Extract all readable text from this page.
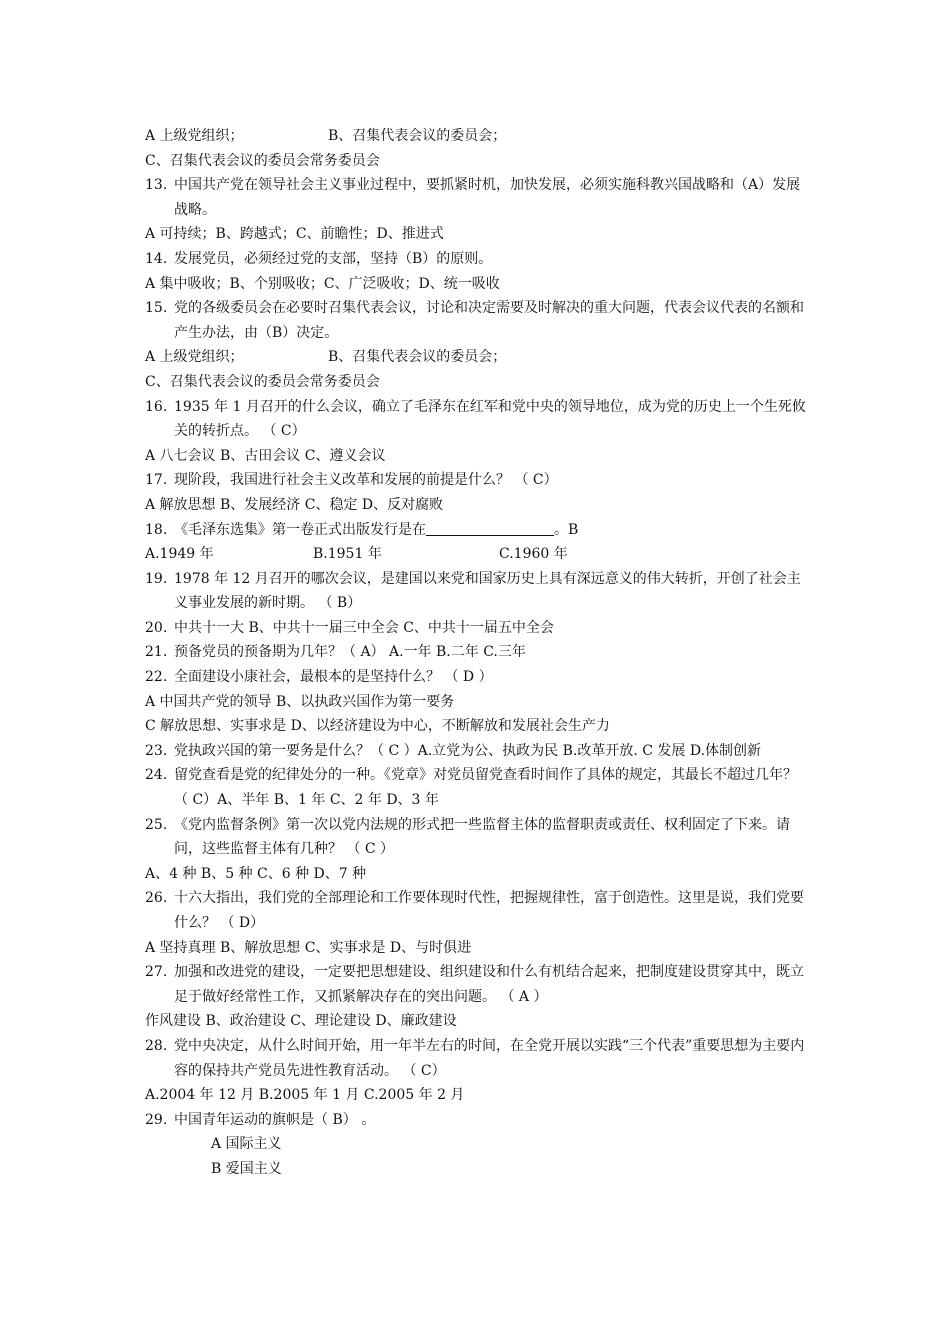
A 上级党组织；	B、召集代表会议的委员会；
C、召集代表会议的委员会常务委员会
13. 中国共产党在领导社会主义事业过程中，要抓紧时机，加快发展，必须实施科教兴国战略和（A）发展战略。
A 可持续；B、跨越式；C、前瞻性；D、推进式
14. 发展党员，必须经过党的支部，坚持（B）的原则。
A 集中吸收；B、个别吸收；C、广泛吸收；D、统一吸收
15. 党的各级委员会在必要时召集代表会议，讨论和决定需要及时解决的重大问题，代表会议代表的名额和产生办法，由（B）决定。
A 上级党组织；	B、召集代表会议的委员会；
C、召集代表会议的委员会常务委员会
16. 1935 年 1 月召开的什么会议，确立了毛泽东在红军和党中央的领导地位，成为党的历史上一个生死攸关的转折点。 （ C）
A 八七会议 B、古田会议 C、遵义会议
17. 现阶段，我国进行社会主义改革和发展的前提是什么？ （ C）
A 解放思想 B、发展经济 C、稳定 D、反对腐败
18. 《毛泽东选集》第一卷正式出版发行是在	。B
A.1949 年	B.1951 年	C.1960 年
19. 1978 年 12 月召开的哪次会议，是建国以来党和国家历史上具有深远意义的伟大转折，开创了社会主义事业发展的新时期。 （ B）
20. 中共十一大 B、中共十一届三中全会 C、中共十一届五中全会
21. 预备党员的预备期为几年？（ A） A.一年 B.二年 C.三年
22. 全面建设小康社会，最根本的是坚持什么？ （ D ）
A 中国共产党的领导 B、以执政兴国作为第一要务
C 解放思想、实事求是 D、以经济建设为中心，不断解放和发展社会生产力
23. 党执政兴国的第一要务是什么？（ C ）A.立党为公、执政为民 B.改革开放. C 发展 D.体制创新
24. 留党查看是党的纪律处分的一种。《党章》对党员留党查看时间作了具体的规定，其最长不超过几年？（ C）A、半年 B、1 年 C、2 年 D、3 年
25. 《党内监督条例》第一次以党内法规的形式把一些监督主体的监督职责或责任、权利固定了下来。请问，这些监督主体有几种？ （ C ）
A、4 种 B、5 种 C、6 种 D、7 种
26. 十六大指出，我们党的全部理论和工作要体现时代性，把握规律性，富于创造性。这里是说，我们党要什么？ （ D）
A 坚持真理 B、解放思想 C、实事求是 D、与时俱进
27. 加强和改进党的建设，一定要把思想建设、组织建设和什么有机结合起来，把制度建设贯穿其中，既立足于做好经常性工作，又抓紧解决存在的突出问题。 （ A ）
作风建设 B、政治建设 C、理论建设 D、廉政建设
28. 党中央决定，从什么时间开始，用一年半左右的时间，在全党开展以实践“三个代表”重要思想为主要内容的保持共产党员先进性教育活动。 （ C）
A.2004 年 12 月 B.2005 年 1 月 C.2005 年 2 月
29. 中国青年运动的旗帜是（ B） 。
A 国际主义
B 爱国主义
